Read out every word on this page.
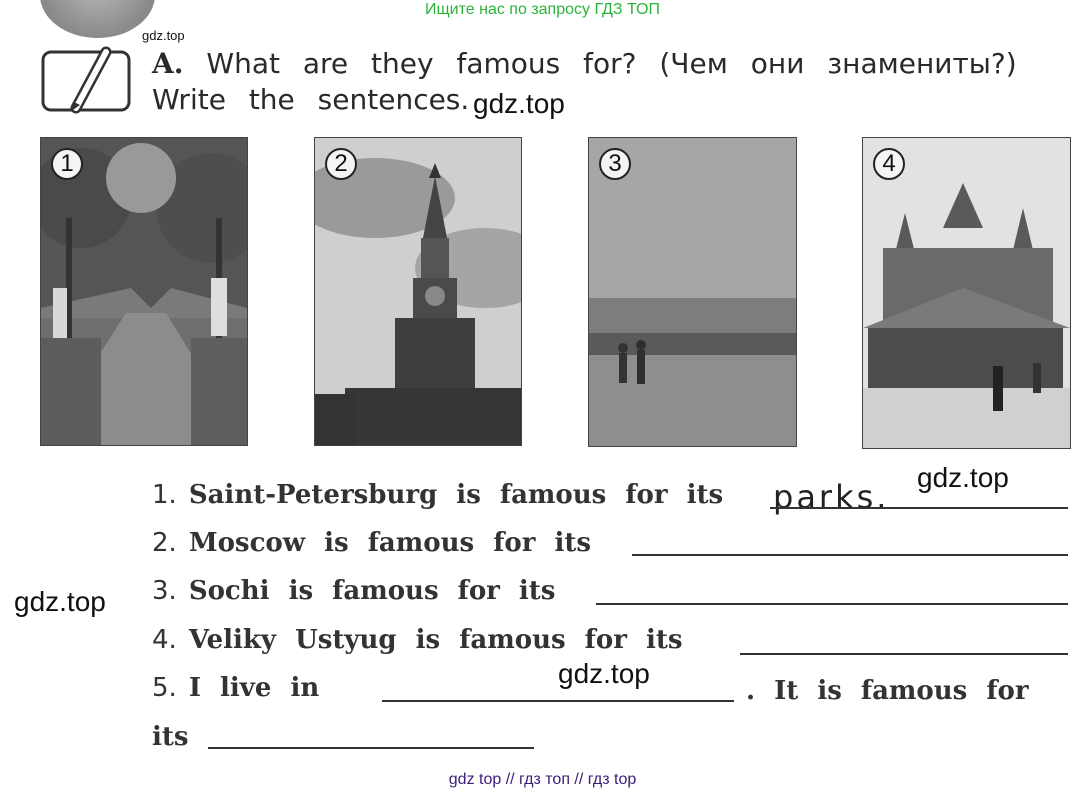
Ищите нас по запросу ГДЗ ТОП
gdz.top
gdz.top
gdz.top
gdz.top
gdz.top
A. What are they famous for? (Чем они знамениты?)
Write the sentences.
1	2	3	4
1. Saint-Petersburg is famous for its parks.
2. Moscow is famous for its
3. Sochi is famous for its
4. Veliky Ustyug is famous for its
5. I live in	. It is famous for
its
gdz top // гдз топ // гдз top
